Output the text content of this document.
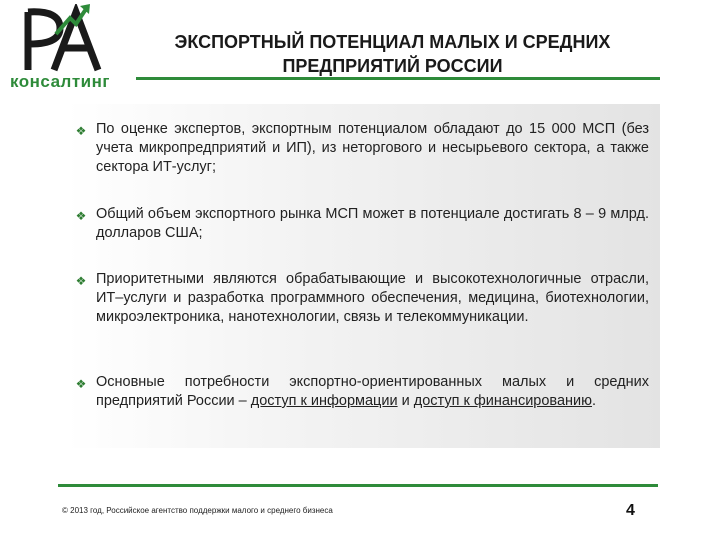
консалтинг
ЭКСПОРТНЫЙ ПОТЕНЦИАЛ МАЛЫХ И СРЕДНИХ
ПРЕДПРИЯТИЙ РОССИИ
❖ По оценке экспертов, экспортным потенциалом обладают до 15 000 МСП (без учета микропредприятий и ИП), из неторгового и несырьевого сектора, а также сектора ИТ-услуг;
❖ Общий объем экспортного рынка МСП может в потенциале достигать 8 – 9 млрд. долларов США;
❖ Приоритетными являются обрабатывающие и высокотехнологичные отрасли, ИТ–услуги и разработка программного обеспечения, медицина, биотехнологии, микроэлектроника, нанотехнологии, связь и телекоммуникации.
❖ Основные потребности экспортно-ориентированных малых и средних предприятий России – доступ к информации и доступ к финансированию.
© 2013 год, Российское агентство поддержки малого и среднего бизнеса	4
